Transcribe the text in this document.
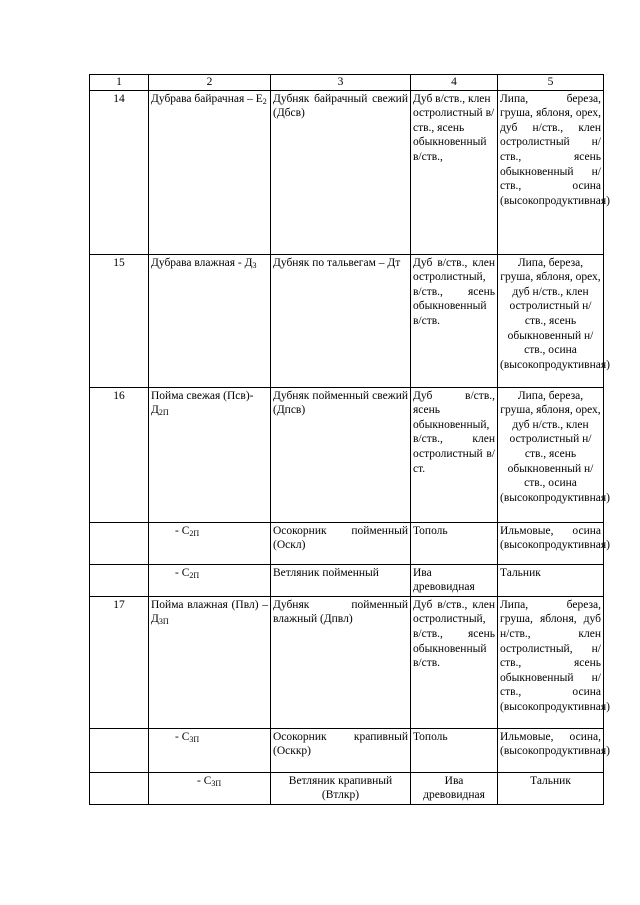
1	2	3	4	5
14	Дубрава байрачная – $Е_2$	Дубняк байрачный свежий (Дбсв)	Дуб в/ств., клен остролистный в/ств., ясень обыкновенный в/ств.,	Липа, береза, груша, яблоня, орех, дуб н/ств., клен остролистный н/ств., ясень обыкновенный н/ств., осина (высокопродуктивная)
15	Дубрава влажная - $Д_3$	Дубняк по тальвегам – Дт	Дуб в/ств., клен остролистный, в/ств., ясень обыкновенный в/ств.	Липа, береза, груша, яблоня, орех, дуб н/ств., клен остролистный н/ств., ясень обыкновенный н/ств., осина (высокопродуктивная)
16	Пойма свежая $(Псв)-Д_{2П}$	Дубняк пойменный свежий (Дпсв)	Дуб в/ств., ясень обыкновенный, в/ств., клен остролистный в/ст.	Липа, береза, груша, яблоня, орех, дуб н/ств., клен остролистный н/ств., ясень обыкновенный н/ств., осина (высокопродуктивная)
	- $С_{2П}$	Осокорник пойменный (Оскл)	Тополь	Ильмовые, осина (высокопродуктивная)
	- $С_{2П}$	Ветляник пойменный	Ива древовидная	Тальник
17	Пойма влажная $(Пвл) - Д_{3П}$	Дубняк пойменный влажный (Дпвл)	Дуб в/ств., клен остролистный, в/ств., ясень обыкновенный в/ств.	Липа, береза, груша, яблоня, дуб н/ств., клен остролистный, н/ств., ясень обыкновенный н/ств., осина (высокопродуктивная)
	- $С_{3П}$	Осокорник крапивный (Осккр)	Тополь	Ильмовые, осина, (высокопродуктивная)
	- $С_{3П}$	Ветляник крапивный (Втлкр)	Ива древовидная	Тальник
